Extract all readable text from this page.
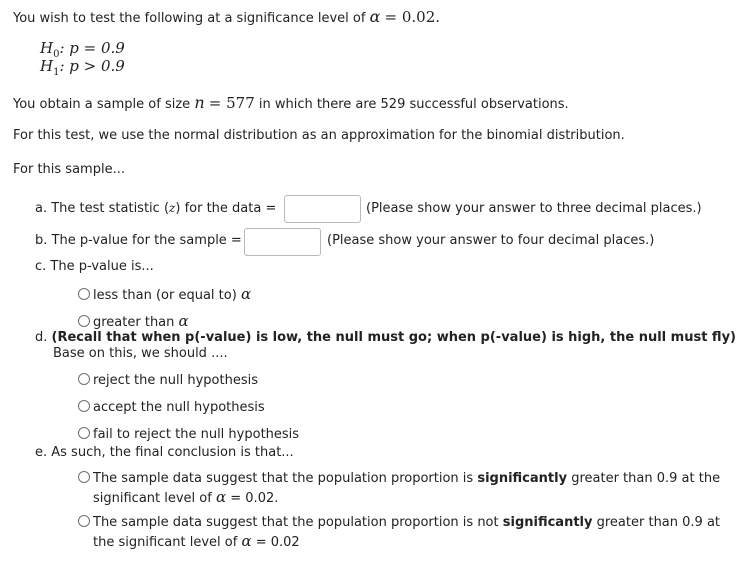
You wish to test the following at a significance level of α = 0.02.
$H_0$: p = 0.9
$H_1$: p > 0.9
You obtain a sample of size n = 577 in which there are 529 successful observations.
For this test, we use the normal distribution as an approximation for the binomial distribution.
For this sample...
a. The test statistic (z) for the data =	(Please show your answer to three decimal places.)
b. The p-value for the sample =	(Please show your answer to four decimal places.)
c. The p-value is...
less than (or equal to) α
greater than α
d. (Recall that when p(-value) is low, the null must go; when p(-value) is high, the null must fly)
Base on this, we should ....
reject the null hypothesis
accept the null hypothesis
fail to reject the null hypothesis
e. As such, the final conclusion is that...
The sample data suggest that the population proportion is significantly greater than 0.9 at the
significant level of α = 0.02.
The sample data suggest that the population proportion is not significantly greater than 0.9 at
the significant level of α = 0.02
